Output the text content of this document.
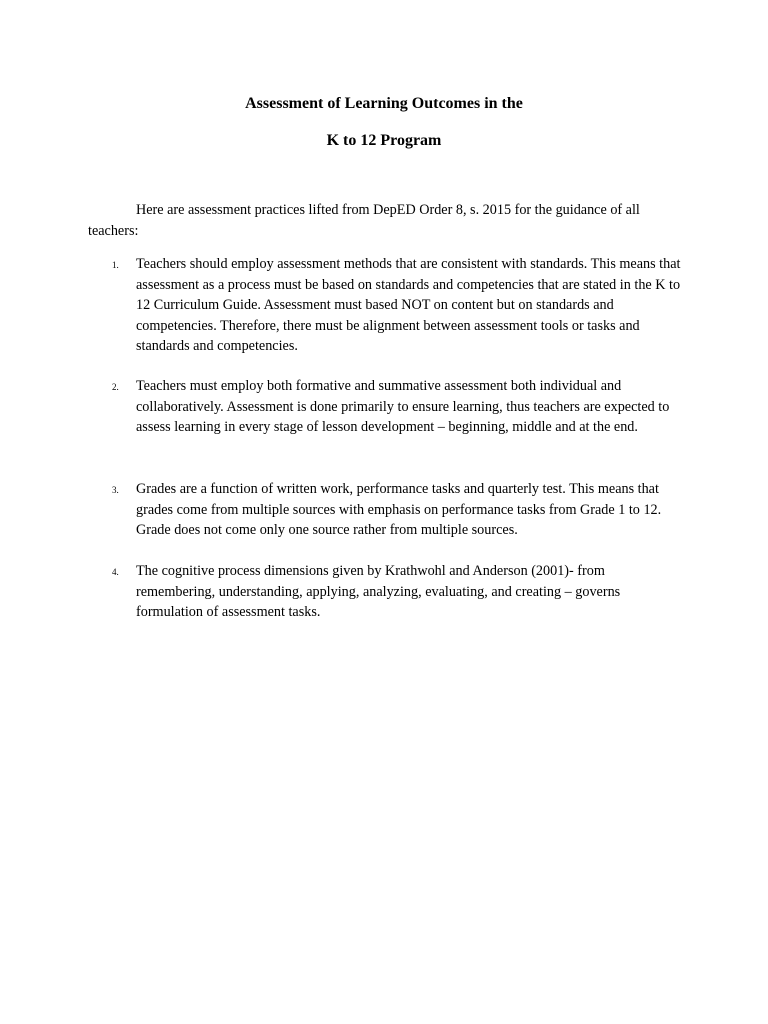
Assessment of Learning Outcomes in the
K to 12 Program

Here are assessment practices lifted from DepED Order 8, s. 2015 for the guidance of all teachers:

1. Teachers should employ assessment methods that are consistent with standards. This means that assessment as a process must be based on standards and competencies that are stated in the K to 12 Curriculum Guide. Assessment must based NOT on content but on standards and competencies. Therefore, there must be alignment between assessment tools or tasks and standards and competencies.

2. Teachers must employ both formative and summative assessment both individual and collaboratively. Assessment is done primarily to ensure learning, thus teachers are expected to assess learning in every stage of lesson development – beginning, middle and at the end.

3. Grades are a function of written work, performance tasks and quarterly test. This means that grades come from multiple sources with emphasis on performance tasks from Grade 1 to 12. Grade does not come only one source rather from multiple sources.

4. The cognitive process dimensions given by Krathwohl and Anderson (2001)- from remembering, understanding, applying, analyzing, evaluating, and creating – governs formulation of assessment tasks.
